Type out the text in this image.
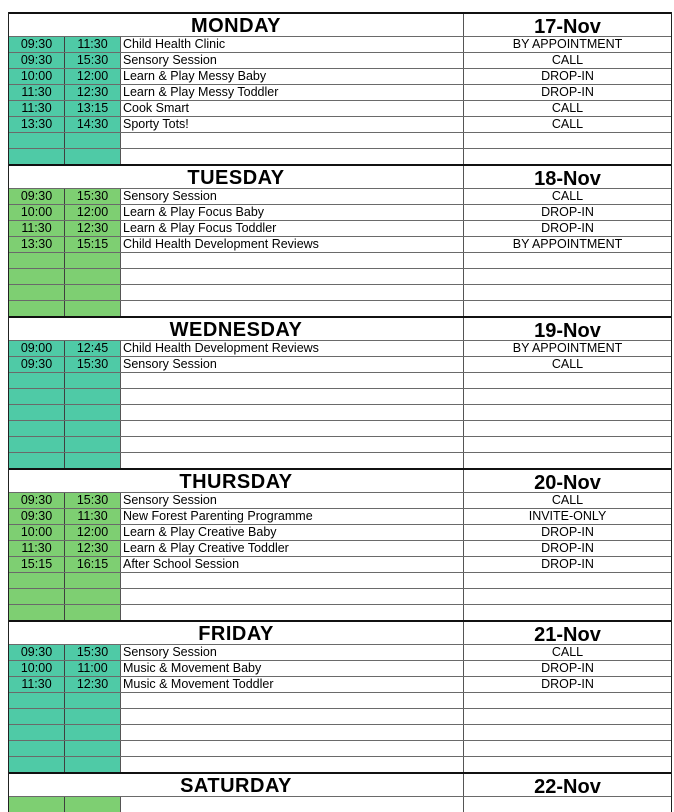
MONDAY	17-Nov
09:30	11:30	Child Health Clinic	BY APPOINTMENT
09:30	15:30	Sensory Session	CALL
10:00	12:00	Learn & Play Messy Baby	DROP-IN
11:30	12:30	Learn & Play Messy Toddler	DROP-IN
11:30	13:15	Cook Smart	CALL
13:30	14:30	Sporty Tots!	CALL
TUESDAY	18-Nov
09:30	15:30	Sensory Session	CALL
10:00	12:00	Learn & Play Focus Baby	DROP-IN
11:30	12:30	Learn & Play Focus Toddler	DROP-IN
13:30	15:15	Child Health Development Reviews	BY APPOINTMENT
WEDNESDAY	19-Nov
09:00	12:45	Child Health Development Reviews	BY APPOINTMENT
09:30	15:30	Sensory Session	CALL
THURSDAY	20-Nov
09:30	15:30	Sensory Session	CALL
09:30	11:30	New Forest Parenting Programme	INVITE-ONLY
10:00	12:00	Learn & Play Creative Baby	DROP-IN
11:30	12:30	Learn & Play Creative Toddler	DROP-IN
15:15	16:15	After School Session	DROP-IN
FRIDAY	21-Nov
09:30	15:30	Sensory Session	CALL
10:00	11:00	Music & Movement Baby	DROP-IN
11:30	12:30	Music & Movement Toddler	DROP-IN
SATURDAY	22-Nov
